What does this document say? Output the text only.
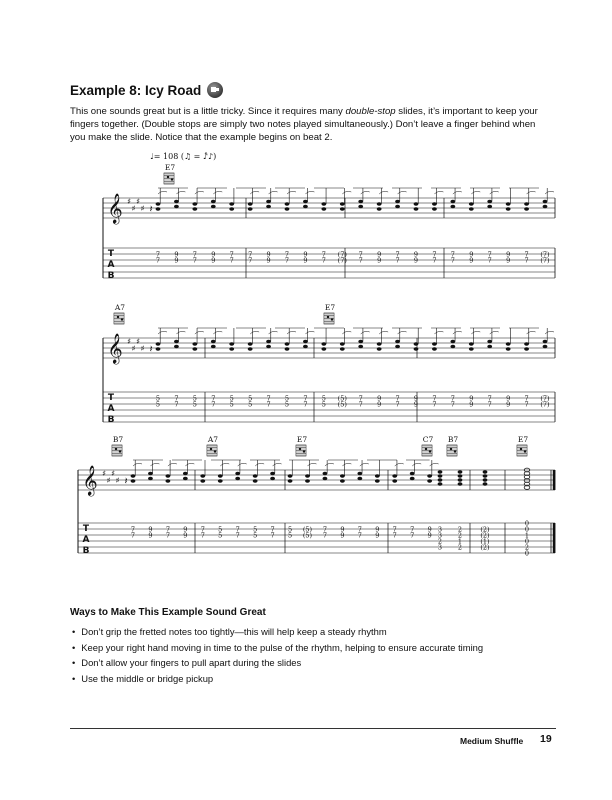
Example 8: Icy Road
This one sounds great but is a little tricky. Since it requires many double-stop slides, it’s important to keep your fingers together. (Double stops are simply two notes played simultaneously.) Don’t leave a finger behind when you make the slide. Notice that the example begins on beat 2.
♩= 108 (♫ = ♪̑♪)
𝄞 ♯
♯
♯
♯
T
A
B
E7
7
7
9
9
7
7
9
9
7
7
7
7
9
9
7
7
9
9
7
7
(7)
(7)
7
7
9
9
7
7
9
9
7
7
7
7
9
9
7
7
9
9
7
7
(7)
(7)
𝄽
𝄞 ♯
♯
♯
♯
T
A
B
A7	E7
5
5
7
7
5
5
7
7
5
5
5
5
7
7
5
5
7
7
5
5
(5)
(5)
7
7
9
9
7
7
9
9
7
7
7
7
9
9
7
7
9
9
7
7
(7)
(7)
𝄽
𝄞 ♯
♯
♯
♯
T
A
B
B7	A7	E7	C7 B7	E7
7
7
9
9
7
7
9
9
7
7
5
5
7
7
5
5
7
7
5
5
(5)
(5)
7
7
9
9
7
7
9
9
7
7
7
7
9
9
𝄽
3
3
2
3
2
2
1
2
(2)
(2)
(1)
(2)
0
0
1
0
2
0
Ways to Make This Example Sound Great
• Don’t grip the fretted notes too tightly—this will help keep a steady rhythm
• Keep your right hand moving in time to the pulse of the rhythm, helping to ensure accurate timing
• Don’t allow your fingers to pull apart during the slides
• Use the middle or bridge pickup
Medium Shuffle 19
